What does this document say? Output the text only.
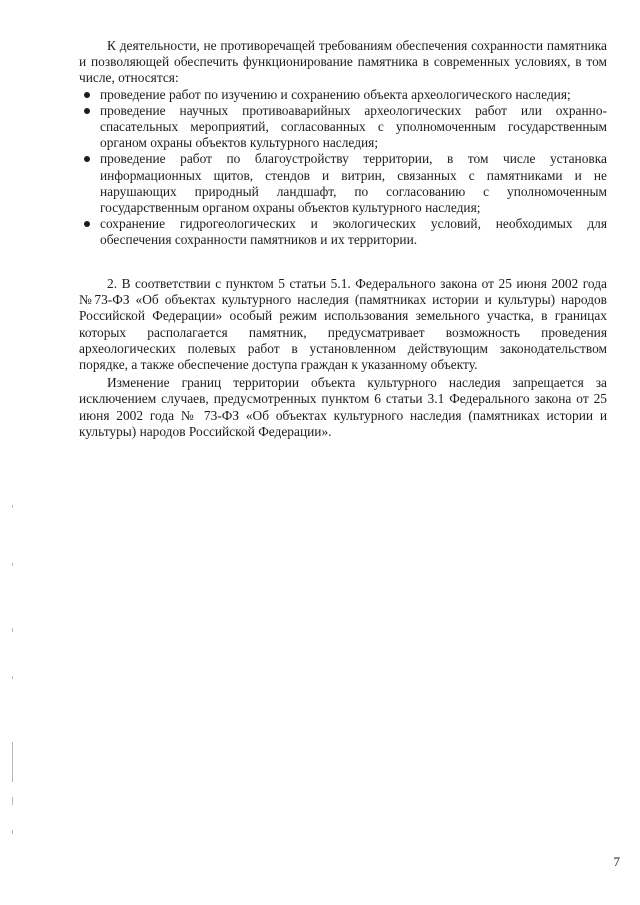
К деятельности, не противоречащей требованиям обеспечения сохранности памятника и позволяющей обеспечить функционирование памятника в современных условиях, в том числе, относятся:

проведение работ по изучению и сохранению объекта археологического наследия;
проведение научных противоаварийных археологических работ или охранно-спасательных мероприятий, согласованных с уполномоченным государственным органом охраны объектов культурного наследия;
проведение работ по благоустройству территории, в том числе установка информационных щитов, стендов и витрин, связанных с памятниками и не нарушающих природный ландшафт, по согласованию с уполномоченным государственным органом охраны объектов культурного наследия;
сохранение гидрогеологических и экологических условий, необходимых для обеспечения сохранности памятников и их территории.

2. В соответствии с пунктом 5 статьи 5.1. Федерального закона от 25 июня 2002 года №73-ФЗ «Об объектах культурного наследия (памятниках истории и культуры) народов Российской Федерации» особый режим использования земельного участка, в границах которых располагается памятник, предусматривает возможность проведения археологических полевых работ в установленном действующим законодательством порядке, а также обеспечение доступа граждан к указанному объекту.

Изменение границ территории объекта культурного наследия запрещается за исключением случаев, предусмотренных пунктом 6 статьи 3.1 Федерального закона от 25 июня 2002 года № 73-ФЗ «Об объектах культурного наследия (памятниках истории и культуры) народов Российской Федерации».

7
